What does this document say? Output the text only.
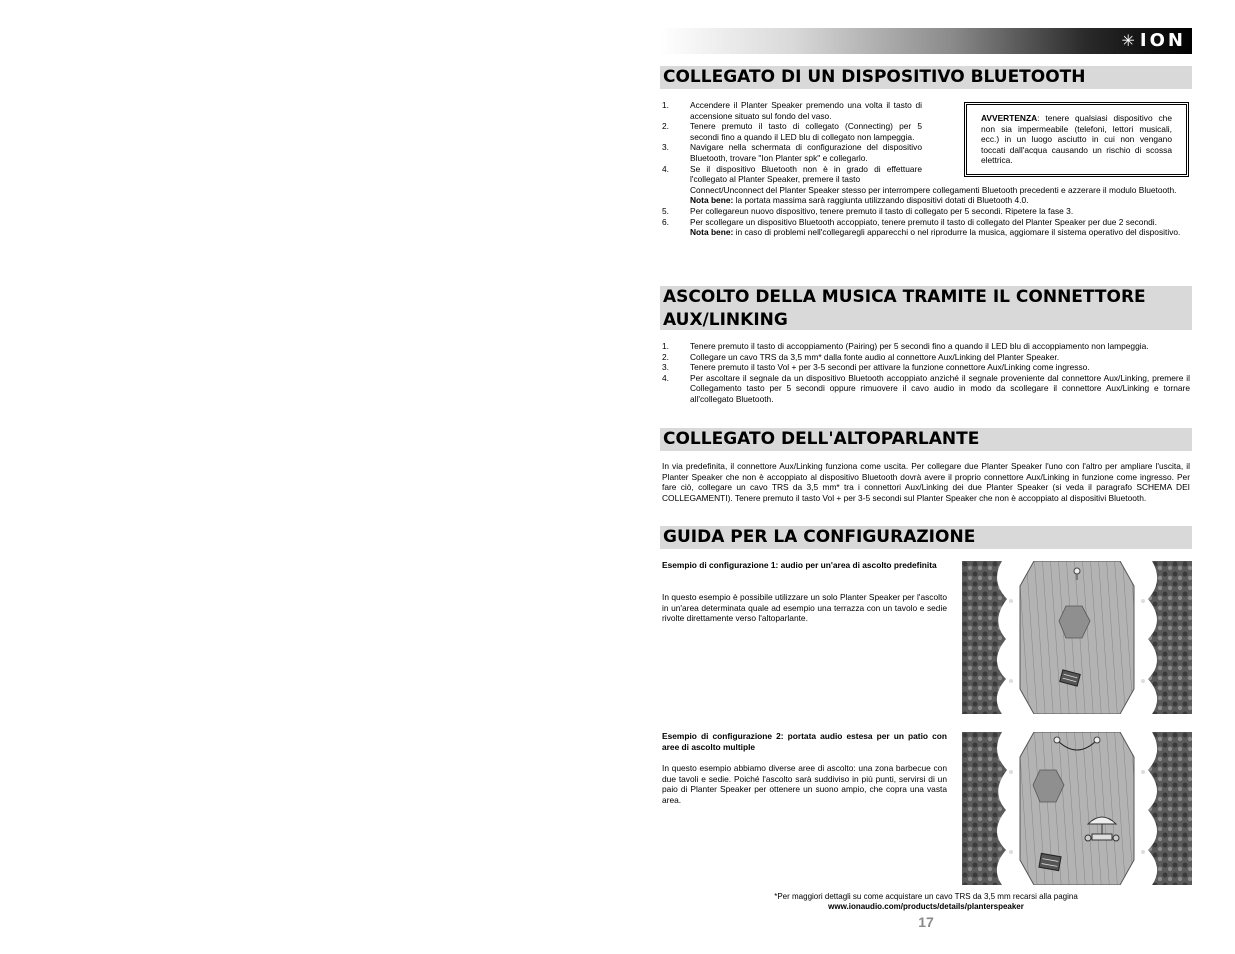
✳ ION
COLLEGATO DI UN DISPOSITIVO BLUETOOTH
1.	Accendere il Planter Speaker premendo una volta il tasto di accensione situato sul fondo del vaso.
2.	Tenere premuto il tasto di collegato (Connecting) per 5 secondi fino a quando il LED blu di collegato non lampeggia.
3.	Navigare nella schermata di configurazione del dispositivo Bluetooth, trovare "Ion Planter spk" e collegarlo.
4.	Se il dispositivo Bluetooth non è in grado di effettuare l'collegato al Planter Speaker, premere il tasto
Connect/Unconnect del Planter Speaker stesso per interrompere collegamenti Bluetooth precedenti e azzerare il modulo Bluetooth.
Nota bene: la portata massima sarà raggiunta utilizzando dispositivi dotati di Bluetooth 4.0.
5.	Per collegareun nuovo dispositivo, tenere premuto il tasto di collegato per 5 secondi. Ripetere la fase 3.
6.	Per scollegare un dispositivo Bluetooth accoppiato, tenere premuto il tasto di collegato del Planter Speaker per due 2 secondi.
Nota bene: in caso di problemi nell'collegaregli apparecchi o nel riprodurre la musica, aggiomare il sistema operativo del dispositivo.
AVVERTENZA: tenere qualsiasi dispositivo che non sia impermeabile (telefoni, lettori musicali, ecc.) in un luogo asciutto in cui non vengano toccati dall'acqua causando un rischio di scossa elettrica.
ASCOLTO DELLA MUSICA TRAMITE IL CONNETTORE
AUX/LINKING
1.	Tenere premuto il tasto di accoppiamento (Pairing) per 5 secondi fino a quando il LED blu di accoppiamento non lampeggia.
2.	Collegare un cavo TRS da 3,5 mm* dalla fonte audio al connettore Aux/Linking del Planter Speaker.
3.	Tenere premuto il tasto Vol + per 3-5 secondi per attivare la funzione connettore Aux/Linking come ingresso.
4.	Per ascoltare il segnale da un dispositivo Bluetooth accoppiato anziché il segnale proveniente dal connettore Aux/Linking, premere il Collegamento tasto per 5 secondi oppure rimuovere il cavo audio in modo da scollegare il connettore Aux/Linking e tornare all'collegato Bluetooth.
COLLEGATO DELL'ALTOPARLANTE
In via predefinita, il connettore Aux/Linking funziona come uscita. Per collegare due Planter Speaker l'uno con l'altro per ampliare l'uscita, il Planter Speaker che non è accoppiato al dispositivo Bluetooth dovrà avere il proprio connettore Aux/Linking in funzione come ingresso. Per fare ciò, collegare un cavo TRS da 3,5 mm* tra i connettori Aux/Linking dei due Planter Speaker (si veda il paragrafo SCHEMA DEI COLLEGAMENTI). Tenere premuto il tasto Vol + per 3-5 secondi sul Planter Speaker che non è accoppiato al dispositivi Bluetooth.
GUIDA PER LA CONFIGURAZIONE
Esempio di configurazione 1: audio per un'area di ascolto predefinita
In questo esempio è possibile utilizzare un solo Planter Speaker per l'ascolto in un'area determinata quale ad esempio una terrazza con un tavolo e sedie rivolte direttamente verso l'altoparlante.
Esempio di configurazione 2: portata audio estesa per un patio con aree di ascolto multiple
In questo esempio abbiamo diverse aree di ascolto: una zona barbecue con due tavoli e sedie. Poiché l'ascolto sarà suddiviso in più punti, servirsi di un paio di Planter Speaker per ottenere un suono ampio, che copra una vasta area.
*Per maggiori dettagli su come acquistare un cavo TRS da 3,5 mm recarsi alla pagina
www.ionaudio.com/products/details/planterspeaker
17
